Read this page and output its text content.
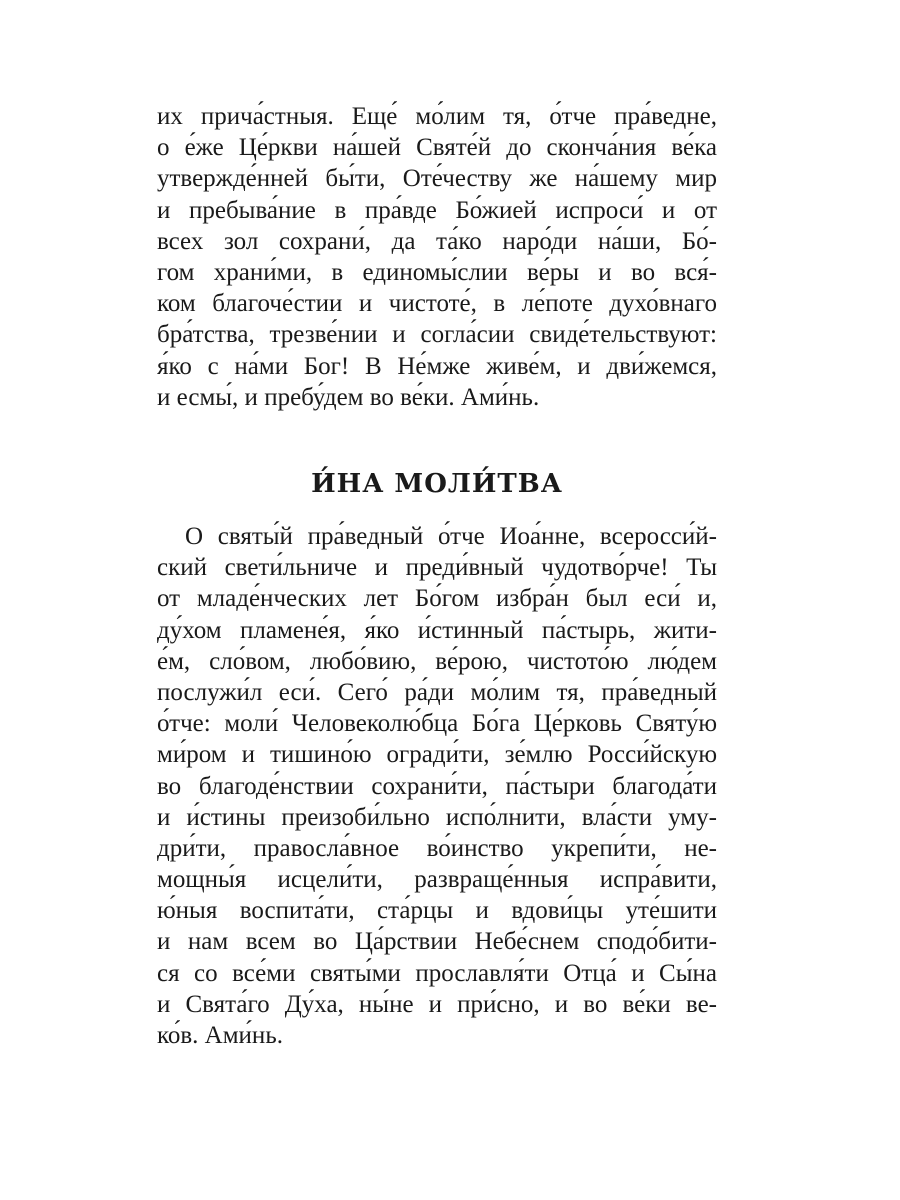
их прича́стныя. Еще́ мо́лим тя, о́тче пра́ведне,
о е́же Це́ркви на́шей Святе́й до сконча́ния ве́ка
утвержде́нней бы́ти, Оте́честву же на́шему мир
и пребыва́ние в пра́вде Бо́жией испроси́ и от
всех зол сохрани́, да та́ко наро́ди на́ши, Бо́-
гом храни́ми, в единомы́слии ве́ры и во вся́-
ком благоче́стии и чистоте́, в ле́поте духо́внаго
бра́тства, трезве́нии и согла́сии свиде́тельствуют:
я́ко с на́ми Бог! В Не́мже живе́м, и дви́жемся,
и есмы́, и пребу́дем во ве́ки. Ами́нь.
И́НА МОЛИ́ТВА
О святы́й пра́ведный о́тче Иоа́нне, всеросси́й-
ский свети́льниче и преди́вный чудотво́рче! Ты
от младе́нческих лет Бо́гом избра́н был еси́ и,
ду́хом пламене́я, я́ко и́стинный па́стырь, жити-
е́м, сло́вом, любо́вию, ве́рою, чистото́ю лю́дем
послужи́л еси́. Сего́ ра́ди мо́лим тя, пра́ведный
о́тче: моли́ Человеколю́бца Бо́га Це́рковь Святу́ю
ми́ром и тишино́ю огради́ти, зе́млю Росси́йскую
во благоде́нствии сохрани́ти, па́стыри благода́ти
и и́стины преизоби́льно испо́лнити, вла́сти уму-
дри́ти, правосла́вное во́инство укрепи́ти, не-
мощны́я исцели́ти, развраще́нныя испра́вити,
ю́ныя воспита́ти, ста́рцы и вдови́цы уте́шити
и нам всем во Ца́рствии Небе́снем сподо́бити-
ся со все́ми святы́ми прославля́ти Отца́ и Сы́на
и Свята́го Ду́ха, ны́не и при́сно, и во ве́ки ве-
ко́в. Ами́нь.
